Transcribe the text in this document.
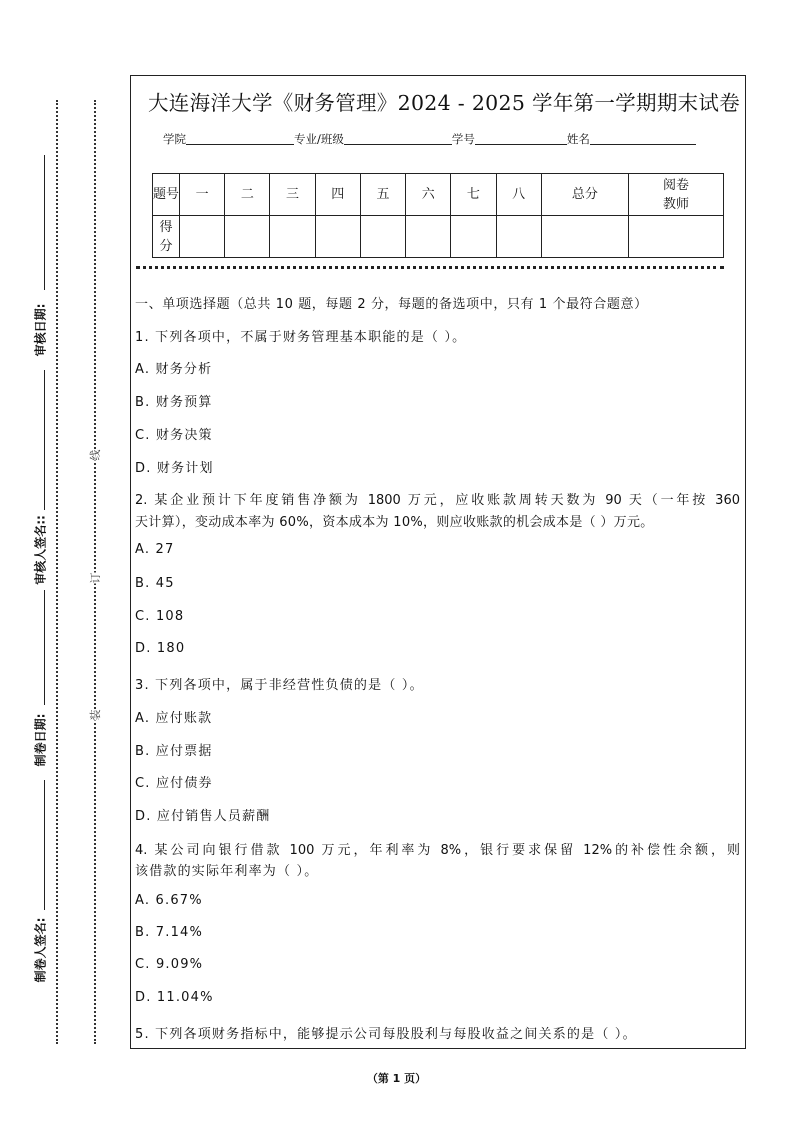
审核日期:
审核人签名::
制卷日期:
制卷人签名:
线
订
装
大连海洋大学《财务管理》2024 - 2025 学年第一学期期末试卷
学院	专业/班级	学号	姓名
题号	一	二	三	四	五	六	七	八	总分	阅卷教师
得分										
一、单项选择题（总共 10 题，每题 2 分，每题的备选项中，只有 1 个最符合题意）
1. 下列各项中，不属于财务管理基本职能的是（ ）。
A. 财务分析
B. 财务预算
C. 财务决策
D. 财务计划
2. 某企业预计下年度销售净额为 1800 万元，应收账款周转天数为 90 天（一年按 360
天计算），变动成本率为 60%，资本成本为 10%，则应收账款的机会成本是（ ）万元。
A. 27
B. 45
C. 108
D. 180
3. 下列各项中，属于非经营性负债的是（ ）。
A. 应付账款
B. 应付票据
C. 应付债券
D. 应付销售人员薪酬
4. 某公司向银行借款 100 万元，年利率为 8%，银行要求保留 12%的补偿性余额，则
该借款的实际年利率为（ ）。
A. 6.67%
B. 7.14%
C. 9.09%
D. 11.04%
5. 下列各项财务指标中，能够提示公司每股股利与每股收益之间关系的是（ ）。
（第 1 页）
